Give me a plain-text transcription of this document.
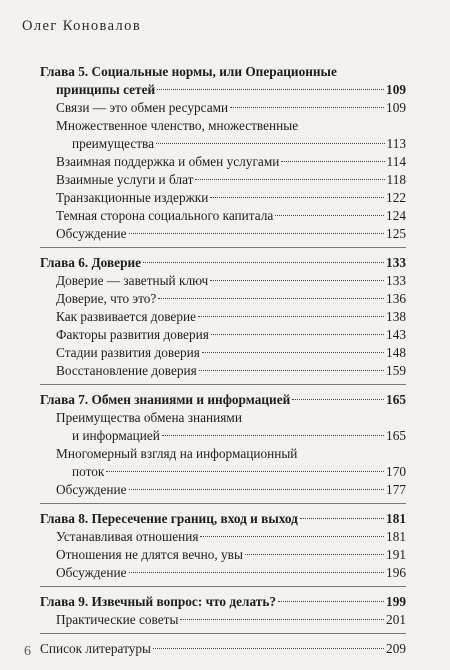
Олег Коновалов
Глава 5. Социальные нормы, или Операционные
принципы сетей	109
Связи — это обмен ресурсами	109
Множественное членство, множественные
преимущества	113
Взаимная поддержка и обмен услугами	114
Взаимные услуги и блат	118
Транзакционные издержки	122
Темная сторона социального капитала	124
Обсуждение	125
Глава 6. Доверие	133
Доверие — заветный ключ	133
Доверие, что это?	136
Как развивается доверие	138
Факторы развития доверия	143
Стадии развития доверия	148
Восстановление доверия	159
Глава 7. Обмен знаниями и информацией	165
Преимущества обмена знаниями
и информацией	165
Многомерный взгляд на информационный
поток	170
Обсуждение	177
Глава 8. Пересечение границ, вход и выход	181
Устанавливая отношения	181
Отношения не длятся вечно, увы	191
Обсуждение	196
Глава 9. Извечный вопрос: что делать?	199
Практические советы	201
Список литературы	209
6
